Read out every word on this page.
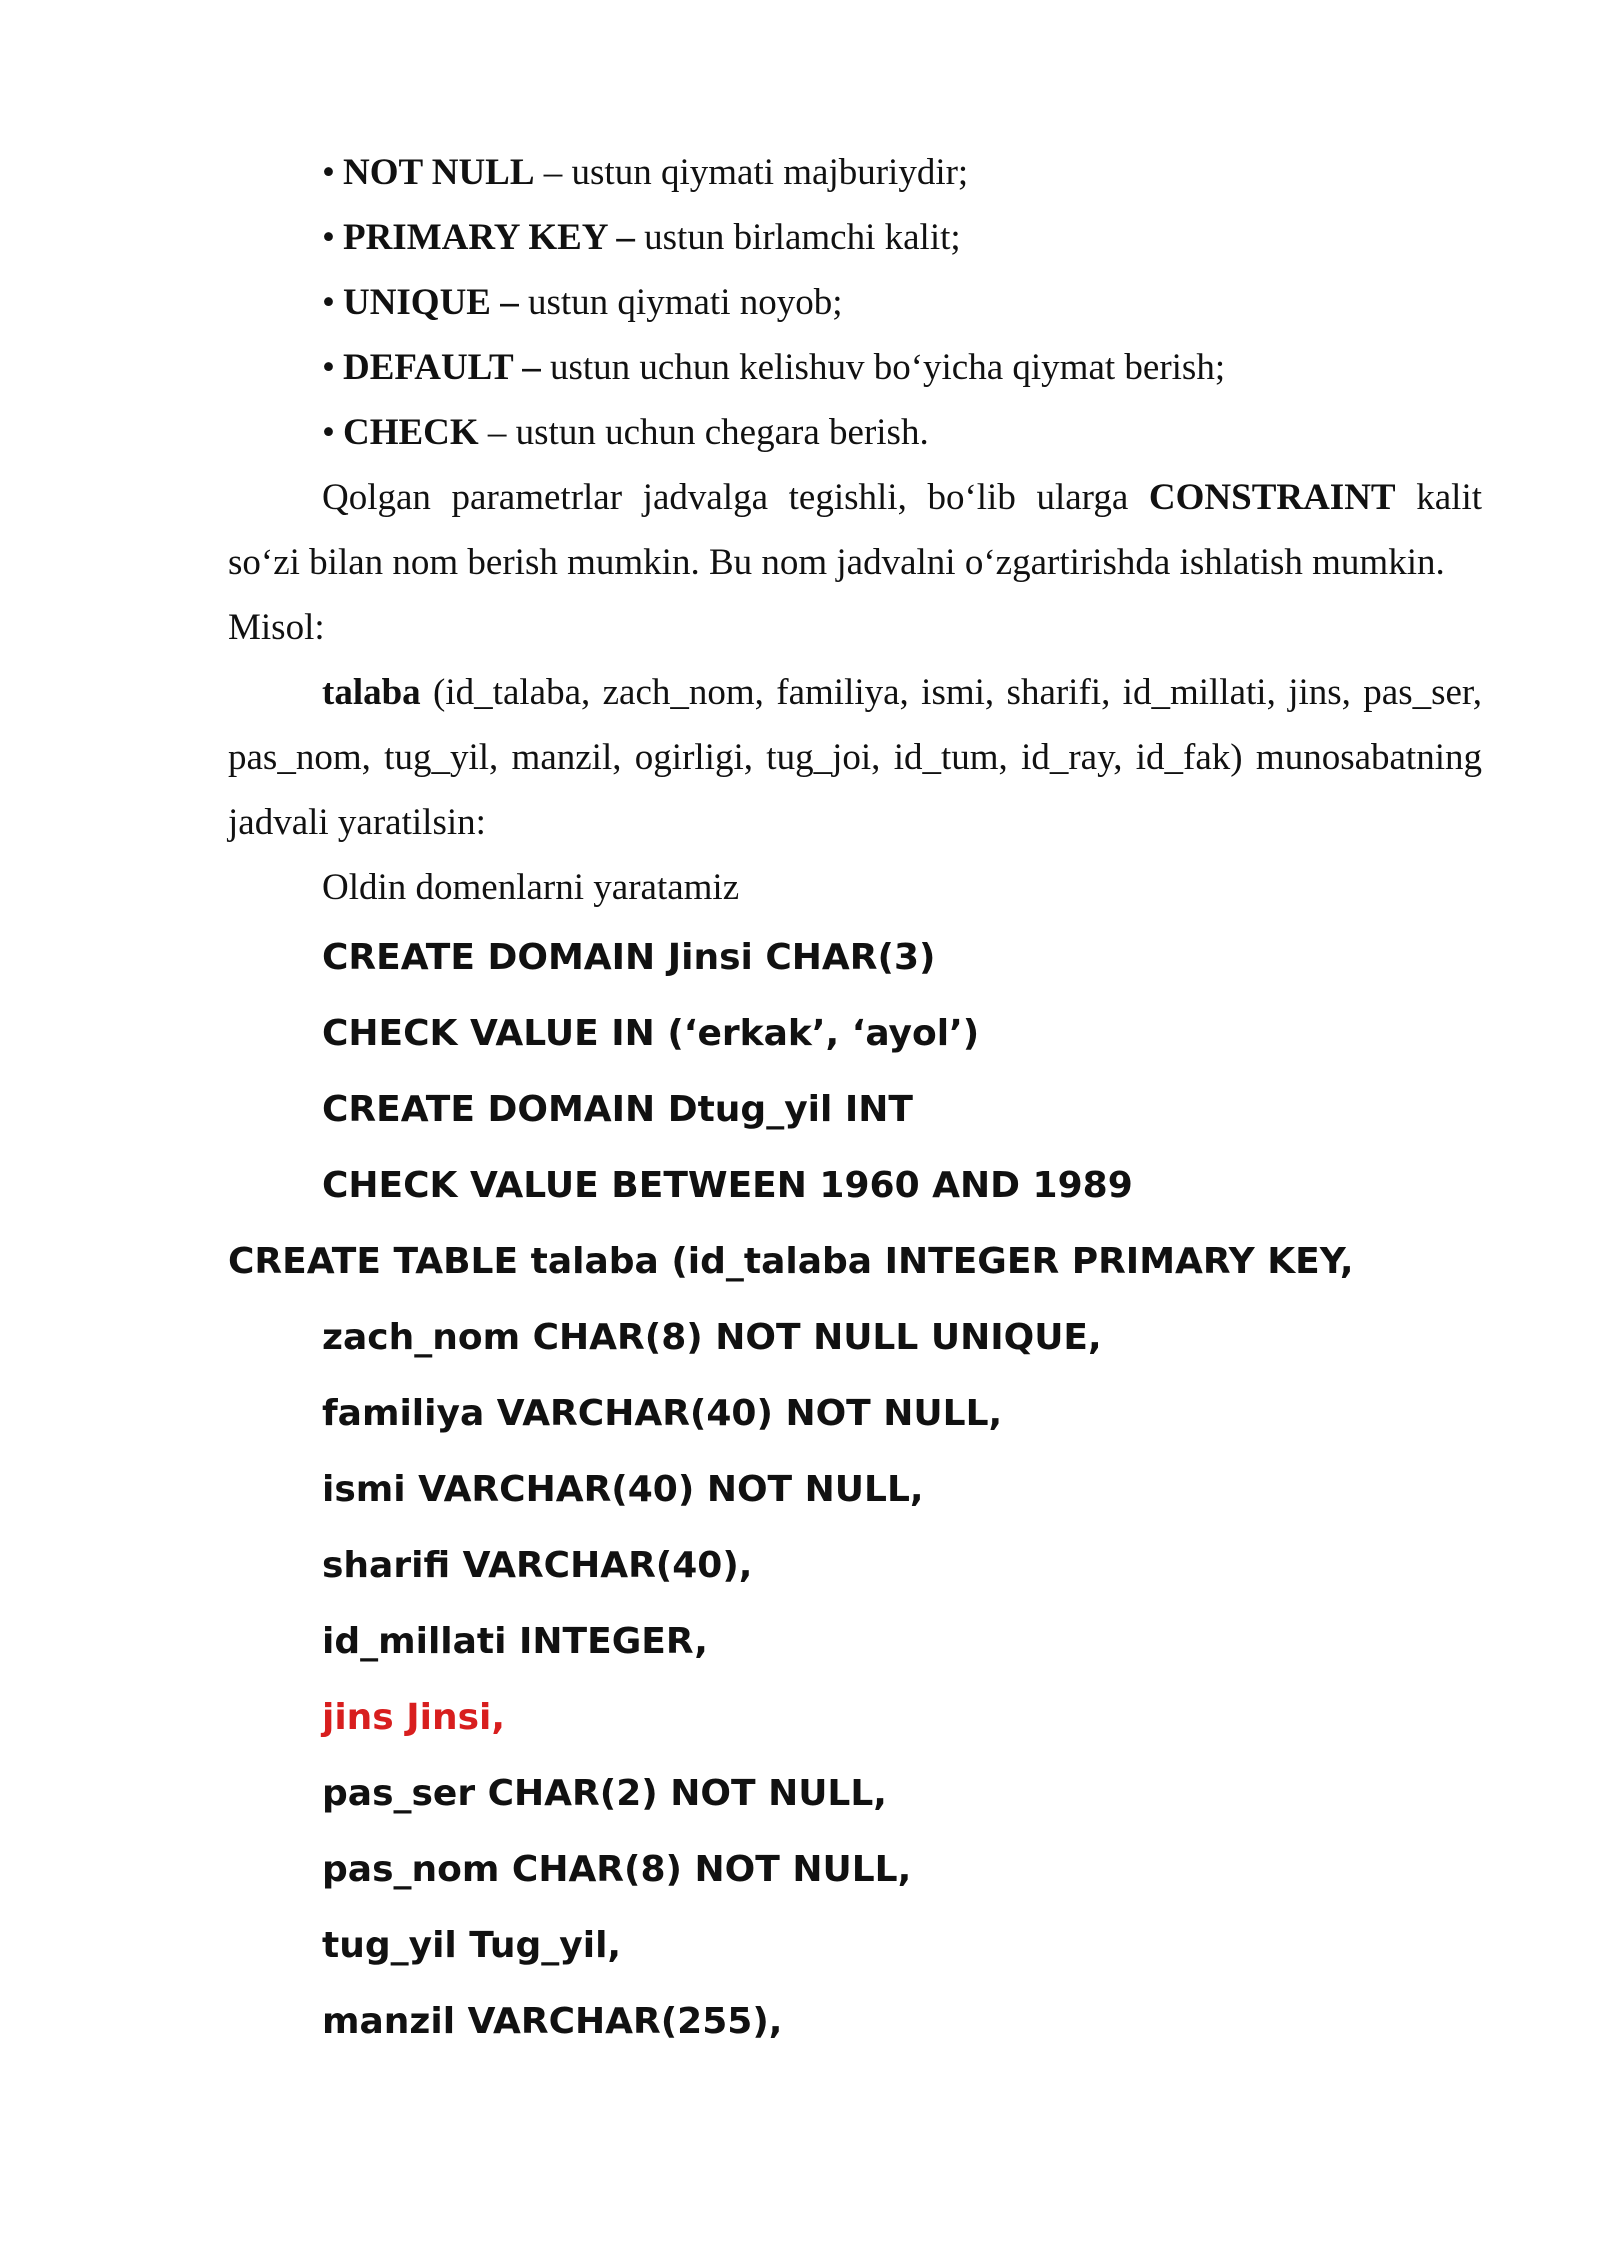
• NOT NULL – ustun qiymati majburiydir;
• PRIMARY KEY – ustun birlamchi kalit;
• UNIQUE – ustun qiymati noyob;
• DEFAULT – ustun uchun kelishuv bo‘yicha qiymat berish;
• CHECK – ustun uchun chegara berish.
Qolgan parametrlar jadvalga tegishli, bo‘lib ularga CONSTRAINT kalit so‘zi bilan nom berish mumkin. Bu nom jadvalni o‘zgartirishda ishlatish mumkin.
Misol:
talaba (id_talaba, zach_nom, familiya, ismi, sharifi, id_millati, jins, pas_ser, pas_nom, tug_yil, manzil, ogirligi, tug_joi, id_tum, id_ray, id_fak) munosabatning jadvali yaratilsin:
Oldin domenlarni yaratamiz
CREATE DOMAIN Jinsi CHAR(3)
CHECK VALUE IN (‘erkak’, ‘ayol’)
CREATE DOMAIN Dtug_yil INT
CHECK VALUE BETWEEN 1960 AND 1989
CREATE TABLE talaba (id_talaba INTEGER PRIMARY KEY,
zach_nom CHAR(8) NOT NULL UNIQUE,
familiya VARCHAR(40) NOT NULL,
ismi VARCHAR(40) NOT NULL,
sharifi VARCHAR(40),
id_millati INTEGER,
jins Jinsi,
pas_ser CHAR(2) NOT NULL,
pas_nom CHAR(8) NOT NULL,
tug_yil Tug_yil,
manzil VARCHAR(255),
